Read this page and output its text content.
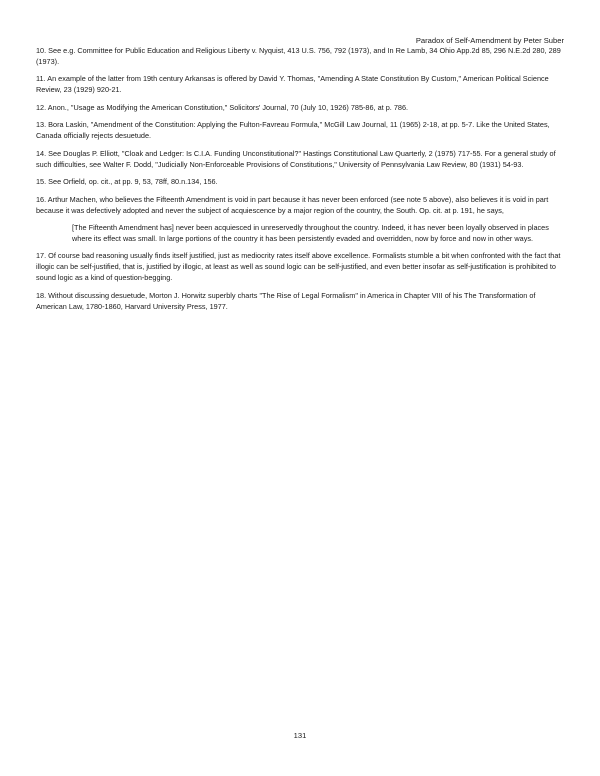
Paradox of Self-Amendment by Peter Suber

10. See e.g. Committee for Public Education and Religious Liberty v. Nyquist, 413 U.S. 756, 792 (1973), and In Re Lamb, 34 Ohio App.2d 85, 296 N.E.2d 280, 289 (1973).

11. An example of the latter from 19th century Arkansas is offered by David Y. Thomas, "Amending A State Constitution By Custom," American Political Science Review, 23 (1929) 920-21.

12. Anon., "Usage as Modifying the American Constitution," Solicitors' Journal, 70 (July 10, 1926) 785-86, at p. 786.

13. Bora Laskin, "Amendment of the Constitution: Applying the Fulton-Favreau Formula," McGill Law Journal, 11 (1965) 2-18, at pp. 5-7. Like the United States, Canada officially rejects desuetude.

14. See Douglas P. Elliott, "Cloak and Ledger: Is C.I.A. Funding Unconstitutional?" Hastings Constitutional Law Quarterly, 2 (1975) 717-55. For a general study of such difficulties, see Walter F. Dodd, "Judicially Non-Enforceable Provisions of Constitutions," University of Pennsylvania Law Review, 80 (1931) 54-93.

15. See Orfield, op. cit., at pp. 9, 53, 78ff, 80.n.134, 156.

16. Arthur Machen, who believes the Fifteenth Amendment is void in part because it has never been enforced (see note 5 above), also believes it is void in part because it was defectively adopted and never the subject of acquiescence by a major region of the country, the South. Op. cit. at p. 191, he says,

[The Fifteenth Amendment has] never been acquiesced in unreservedly throughout the country. Indeed, it has never been loyally observed in places where its effect was small. In large portions of the country it has been persistently evaded and overridden, now by force and now in other ways.

17. Of course bad reasoning usually finds itself justified, just as mediocrity rates itself above excellence. Formalists stumble a bit when confronted with the fact that illogic can be self-justified, that is, justified by illogic, at least as well as sound logic can be self-justified, and even better insofar as self-justification is prohibited to sound logic as a kind of question-begging.

18. Without discussing desuetude, Morton J. Horwitz superbly charts "The Rise of Legal Formalism" in America in Chapter VIII of his The Transformation of American Law, 1780-1860, Harvard University Press, 1977.

131
